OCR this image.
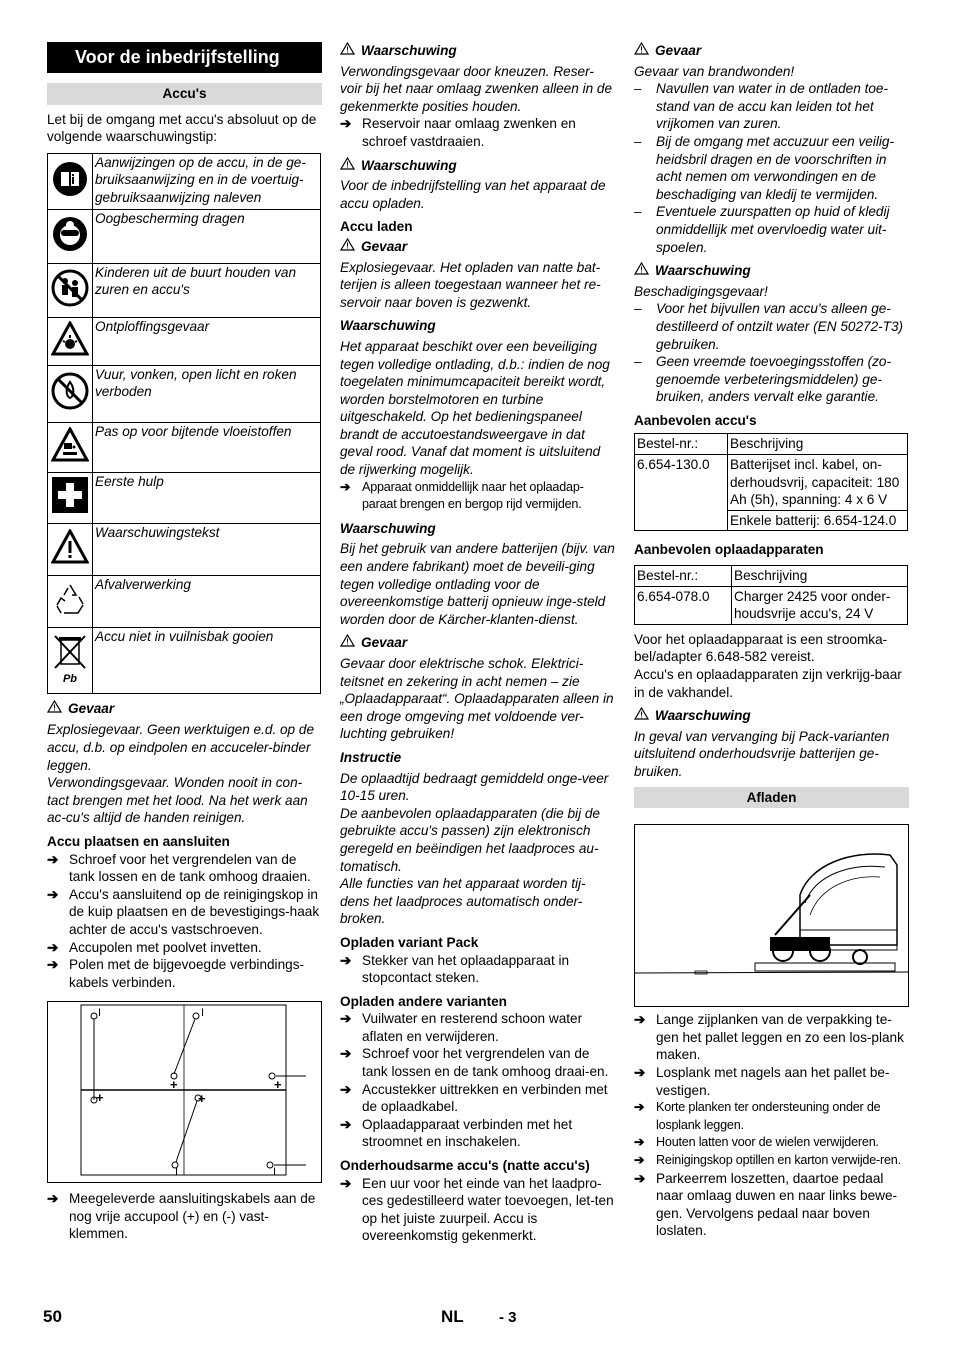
Voor de inbedrijfstelling
Accu's

Let bij de omgang met accu's absoluut op de volgende waarschuwingstip:

	Aanwijzingen op de accu, in de ge-bruiksaanwijzing en in de voertuig-gebruiksaanwijzing naleven
	Oogbescherming dragen
	Kinderen uit de buurt houden van zuren en accu's
	Ontploffingsgevaar
	Vuur, vonken, open licht en roken verboden
	Pas op voor bijtende vloeistoffen
	Eerste hulp
	Waarschuwingstekst
	Afvalverwerking

Pb	Accu niet in vuilnisbak gooien
Gevaar

Explosiegevaar. Geen werktuigen e.d. op de accu, d.b. op eindpolen en accuceler-binder leggen.

Verwondingsgevaar. Wonden nooit in con-tact brengen met het lood. Na het werk aan ac-cu's altijd de handen reinigen.

Accu plaatsen en aansluiten
➔ Schroef voor het vergrendelen van de tank lossen en de tank omhoog draaien.
➔ Accu's aansluitend op de reinigingskop in de kuip plaatsen en de bevestigings-haak achter de accu's vastschroeven.
➔ Accupolen met poolvet invetten.
➔ Polen met de bijgevoegde verbindings-kabels verbinden.
I	I
+	+
+	+
I	I
➔ Meegeleverde aansluitingskabels aan de nog vrije accupool (+) en (-) vast-klemmen.
Waarschuwing

Verwondingsgevaar door kneuzen. Reser-voir bij het naar omlaag zwenken alleen in de gekenmerkte posities houden.

➔ Reservoir naar omlaag zwenken en schroef vastdraaien.
Waarschuwing

Voor de inbedrijfstelling van het apparaat de accu opladen.

Accu laden
Gevaar

Explosiegevaar. Het opladen van natte bat-terijen is alleen toegestaan wanneer het re-servoir naar boven is gezwenkt.

Waarschuwing

Het apparaat beschikt over een beveiliging tegen volledige ontlading, d.b.: indien de nog toegelaten minimumcapaciteit bereikt wordt, worden borstelmotoren en turbine uitgeschakeld. Op het bedieningspaneel brandt de accutoestandsweergave in dat geval rood. Vanaf dat moment is uitsluitend de rijwerking mogelijk.

➔ Apparaat onmiddellijk naar het oplaadap-paraat brengen en bergop rijd vermijden.
Waarschuwing

Bij het gebruik van andere batterijen (bijv. van een andere fabrikant) moet de beveili-ging tegen volledige ontlading voor de overeenkomstige batterij opnieuw inge-steld worden door de Kärcher-klanten-dienst.

Gevaar

Gevaar door elektrische schok. Elektrici-teitsnet en zekering in acht nemen – zie „Oplaadapparaat“. Oplaadapparaten alleen in een droge omgeving met voldoende ver-luchting gebruiken!

Instructie

De oplaadtijd bedraagt gemiddeld onge-veer 10-15 uren.

De aanbevolen oplaadapparaten (die bij de gebruikte accu's passen) zijn elektronisch geregeld en beëindigen het laadproces au-tomatisch.

Alle functies van het apparaat worden tij-dens het laadproces automatisch onder-broken.

Opladen variant Pack
➔ Stekker van het oplaadapparaat in stopcontact steken.
Opladen andere varianten
➔ Vuilwater en resterend schoon water aflaten en verwijderen.
➔ Schroef voor het vergrendelen van de tank lossen en de tank omhoog draai-en.
➔ Accustekker uittrekken en verbinden met de oplaadkabel.
➔ Oplaadapparaat verbinden met het stroomnet en inschakelen.
Onderhoudsarme accu's (natte accu's)
➔ Een uur voor het einde van het laadpro-ces gedestilleerd water toevoegen, let-ten op het juiste zuurpeil. Accu is overeenkomstig gekenmerkt.
Gevaar

Gevaar van brandwonden!

–	Navullen van water in de ontladen toe-stand van de accu kan leiden tot het vrijkomen van zuren.
–	Bij de omgang met accuzuur een veilig-heidsbril dragen en de voorschriften in acht nemen om verwondingen en de beschadiging van kledij te vermijden.
–	Eventuele zuurspatten op huid of kledij onmiddellijk met overvloedig water uit-spoelen.
Waarschuwing

Beschadigingsgevaar!

–	Voor het bijvullen van accu's alleen ge-destilleerd of ontzilt water (EN 50272-T3) gebruiken.
–	Geen vreemde toevoegingsstoffen (zo-genoemde verbeteringsmiddelen) ge-bruiken, anders vervalt elke garantie.
Aanbevolen accu's
Bestel-nr.:	Beschrijving
6.654-130.0	Batterijset incl. kabel, on-derhoudsvrij, capaciteit: 180 Ah (5h), spanning: 4 x 6 V
	Enkele batterij: 6.654-124.0
Aanbevolen oplaadapparaten
Bestel-nr.:	Beschrijving
6.654-078.0	Charger 2425 voor onder-houdsvrije accu's, 24 V

Voor het oplaadapparaat is een stroomka-bel/adapter 6.648-582 vereist.

Accu's en oplaadapparaten zijn verkrijg-baar in de vakhandel.

Waarschuwing

In geval van vervanging bij Pack-varianten uitsluitend onderhoudsvrije batterijen ge-bruiken.

Afladen
➔ Lange zijplanken van de verpakking te-gen het pallet leggen en zo een los-plank maken.
➔ Losplank met nagels aan het pallet be-vestigen.
➔ Korte planken ter ondersteuning onder de losplank leggen.
➔ Houten latten voor de wielen verwijderen.
➔ Reinigingskop optillen en karton verwijde-ren.
➔ Parkeerrem loszetten, daartoe pedaal naar omlaag duwen en naar links bewe-gen. Vervolgens pedaal naar boven loslaten.
50	NL - 3
